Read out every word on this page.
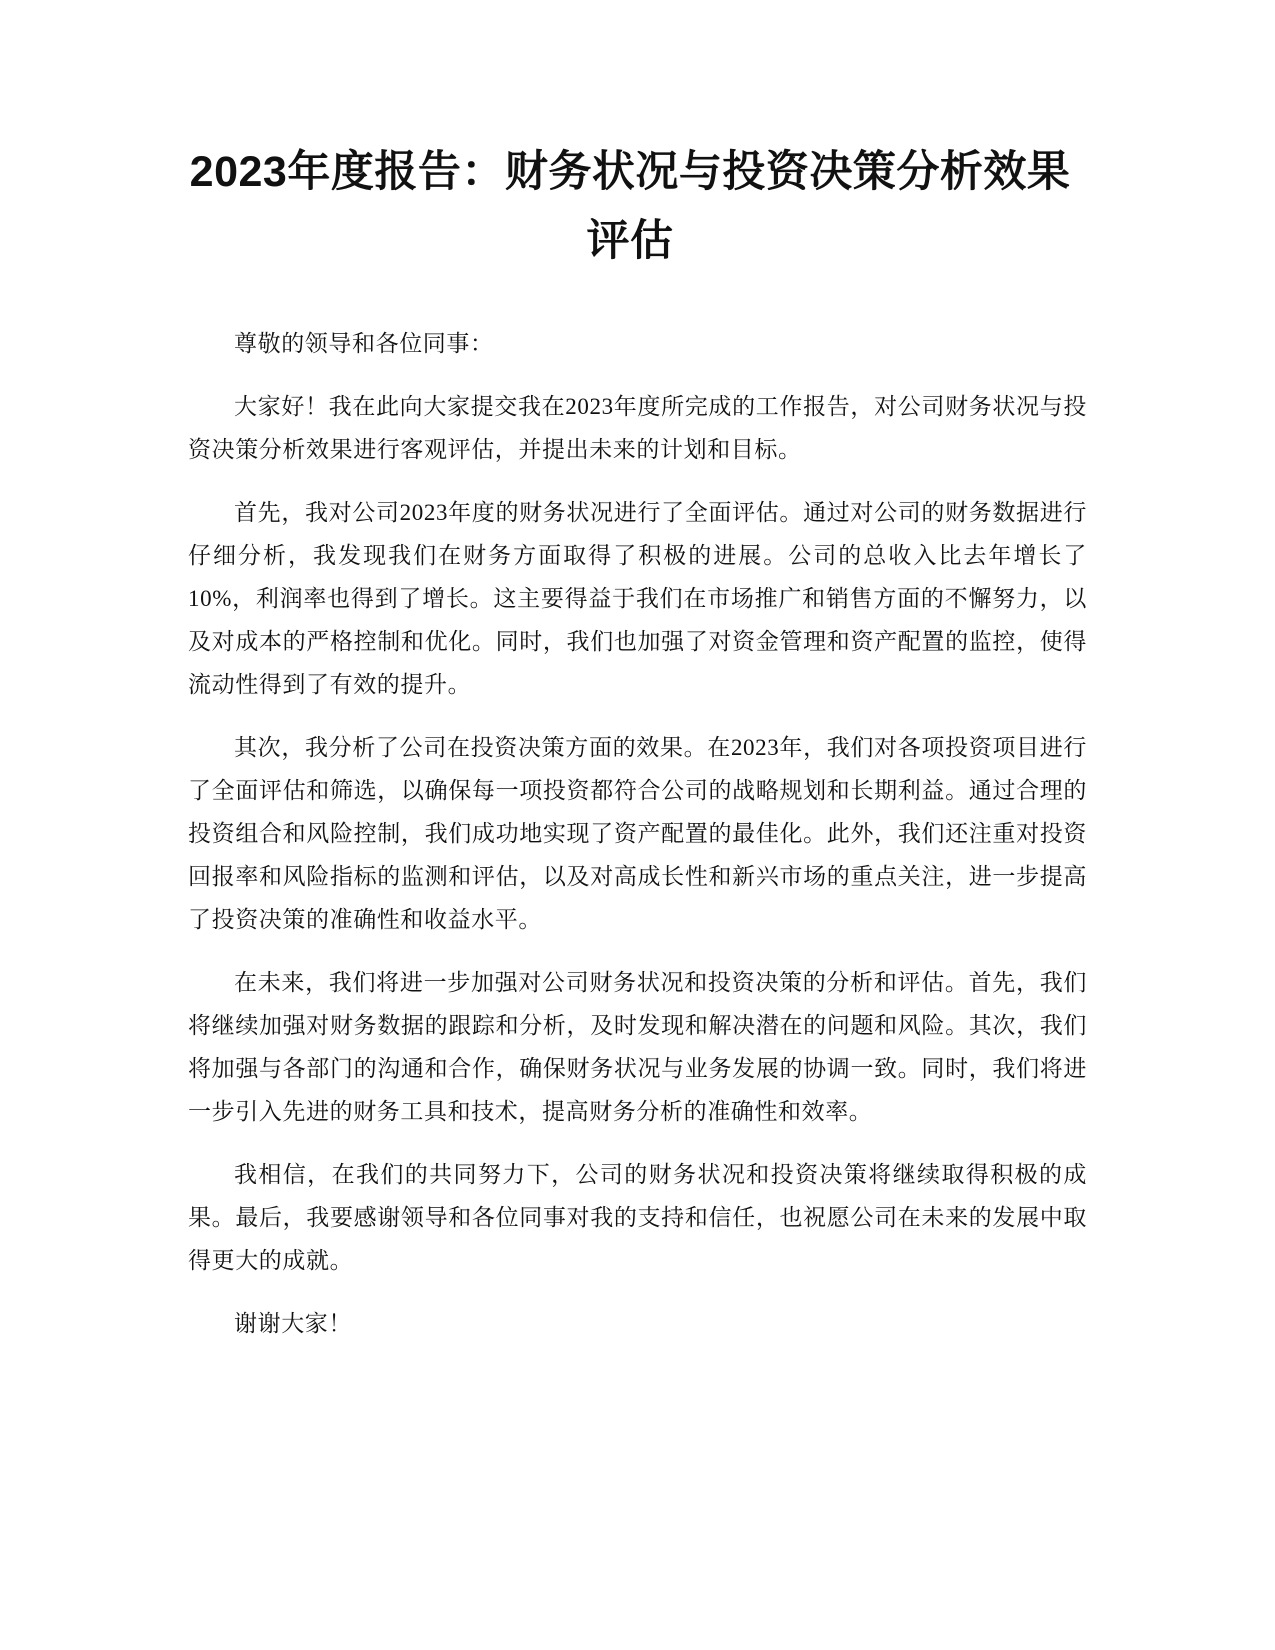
2023年度报告：财务状况与投资决策分析效果评估

尊敬的领导和各位同事：

大家好！我在此向大家提交我在2023年度所完成的工作报告，对公司财务状况与投资决策分析效果进行客观评估，并提出未来的计划和目标。

首先，我对公司2023年度的财务状况进行了全面评估。通过对公司的财务数据进行仔细分析，我发现我们在财务方面取得了积极的进展。公司的总收入比去年增长了10%，利润率也得到了增长。这主要得益于我们在市场推广和销售方面的不懈努力，以及对成本的严格控制和优化。同时，我们也加强了对资金管理和资产配置的监控，使得流动性得到了有效的提升。

其次，我分析了公司在投资决策方面的效果。在2023年，我们对各项投资项目进行了全面评估和筛选，以确保每一项投资都符合公司的战略规划和长期利益。通过合理的投资组合和风险控制，我们成功地实现了资产配置的最佳化。此外，我们还注重对投资回报率和风险指标的监测和评估，以及对高成长性和新兴市场的重点关注，进一步提高了投资决策的准确性和收益水平。

在未来，我们将进一步加强对公司财务状况和投资决策的分析和评估。首先，我们将继续加强对财务数据的跟踪和分析，及时发现和解决潜在的问题和风险。其次，我们将加强与各部门的沟通和合作，确保财务状况与业务发展的协调一致。同时，我们将进一步引入先进的财务工具和技术，提高财务分析的准确性和效率。

我相信，在我们的共同努力下，公司的财务状况和投资决策将继续取得积极的成果。最后，我要感谢领导和各位同事对我的支持和信任，也祝愿公司在未来的发展中取得更大的成就。

谢谢大家！
